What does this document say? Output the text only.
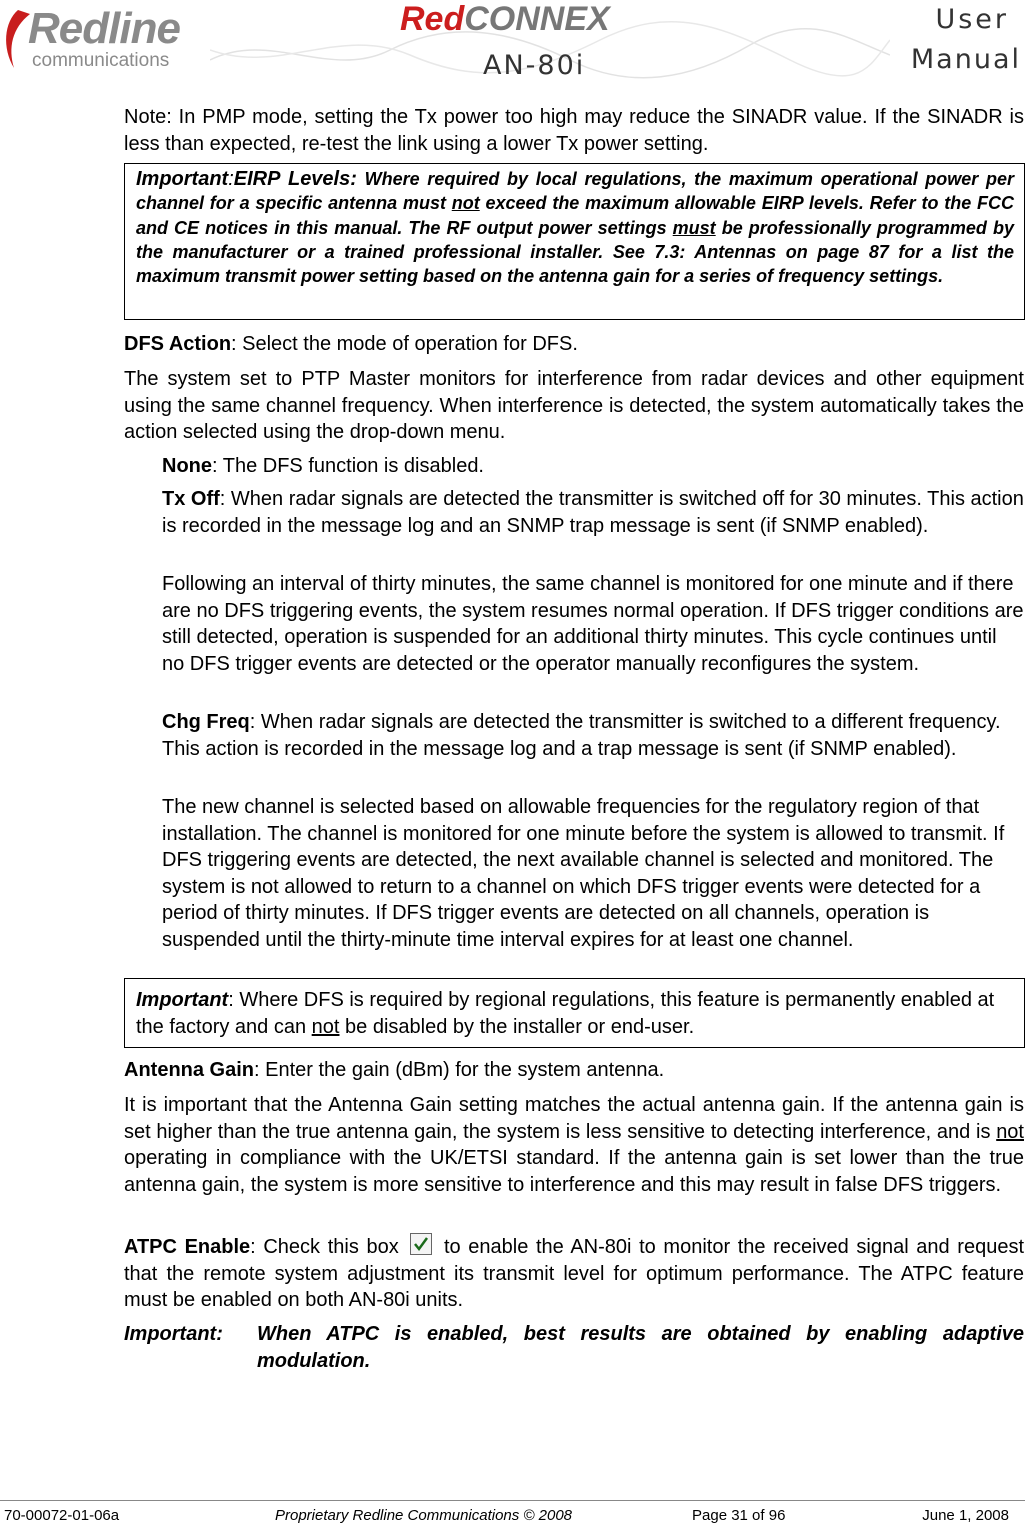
Redline
communications
RedCONNEX
AN-80i
User
Manual
Note: In PMP mode, setting the Tx power too high may reduce the SINADR value. If the SINADR is less than expected, re-test the link using a lower Tx power setting.
Important:EIRP Levels: Where required by local regulations, the maximum operational power per channel for a specific antenna must not exceed the maximum allowable EIRP levels. Refer to the FCC and CE notices in this manual. The RF output power settings must be professionally programmed by the manufacturer or a trained professional installer. See 7.3: Antennas on page 87 for a list the maximum transmit power setting based on the antenna gain for a series of frequency settings.
DFS Action: Select the mode of operation for DFS.
The system set to PTP Master monitors for interference from radar devices and other equipment using the same channel frequency. When interference is detected, the system automatically takes the action selected using the drop-down menu.
None: The DFS function is disabled.
Tx Off: When radar signals are detected the transmitter is switched off for 30 minutes. This action is recorded in the message log and an SNMP trap message is sent (if SNMP enabled).
Following an interval of thirty minutes, the same channel is monitored for one minute and if there are no DFS triggering events, the system resumes normal operation. If DFS trigger conditions are still detected, operation is suspended for an additional thirty minutes. This cycle continues until no DFS trigger events are detected or the operator manually reconfigures the system.
Chg Freq: When radar signals are detected the transmitter is switched to a different frequency. This action is recorded in the message log and a trap message is sent (if SNMP enabled).
The new channel is selected based on allowable frequencies for the regulatory region of that installation. The channel is monitored for one minute before the system is allowed to transmit. If DFS triggering events are detected, the next available channel is selected and monitored. The system is not allowed to return to a channel on which DFS trigger events were detected for a period of thirty minutes. If DFS trigger events are detected on all channels, operation is suspended until the thirty-minute time interval expires for at least one channel.
Important: Where DFS is required by regional regulations, this feature is permanently enabled at the factory and can not be disabled by the installer or end-user.
Antenna Gain: Enter the gain (dBm) for the system antenna.
It is important that the Antenna Gain setting matches the actual antenna gain. If the antenna gain is set higher than the true antenna gain, the system is less sensitive to detecting interference, and is not operating in compliance with the UK/ETSI standard. If the antenna gain is set lower than the true antenna gain, the system is more sensitive to interference and this may result in false DFS triggers.
ATPC Enable: Check this box
to enable the AN-80i to monitor the received signal and request that the remote system adjustment its transmit level for optimum performance. The ATPC feature must be enabled on both AN-80i units.
Important:	When ATPC is enabled, best results are obtained by enabling adaptive modulation.
70-00072-01-06a	Proprietary Redline Communications © 2008	Page 31 of 96	June 1, 2008
